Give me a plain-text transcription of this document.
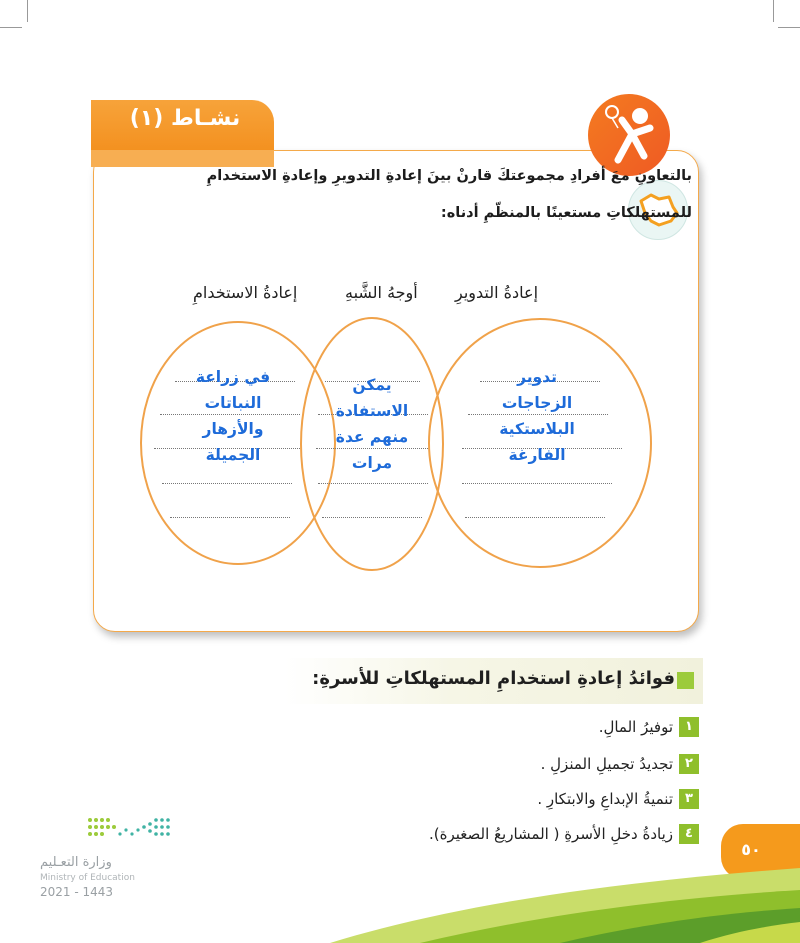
نشـاط (١)
بالتعاونِ معَ أفرادِ مجموعتكَ قارنْ بينَ إعادةِ التدويرِ وإعادةِ الاستخدامِ
للمستهلكاتِ مستعينًا بالمنظّمِ أدناه:
إعادةُ التدويرِ
أوجهُ الشَّبهِ
إعادةُ الاستخدامِ
تدوير
الزجاجات
البلاستكية
الفارغة
يمكن
الاستفادة
منهم عدة
مرات
في زراعة
النباتات
والأزهار
الجميلة
فوائدُ إعادةِ استخدامِ المستهلكاتِ للأسرةِ:
١
توفيرُ المالِ.
٢
تجديدُ تجميلِ المنزلِ .
٣
تنميةُ الإبداعِ والابتكارِ .
٤
زيادةُ دخلِ الأسرةِ ( المشاريعُ الصغيرة).
٥٠
وزارة التعـليم
Ministry of Education
2021 - 1443
